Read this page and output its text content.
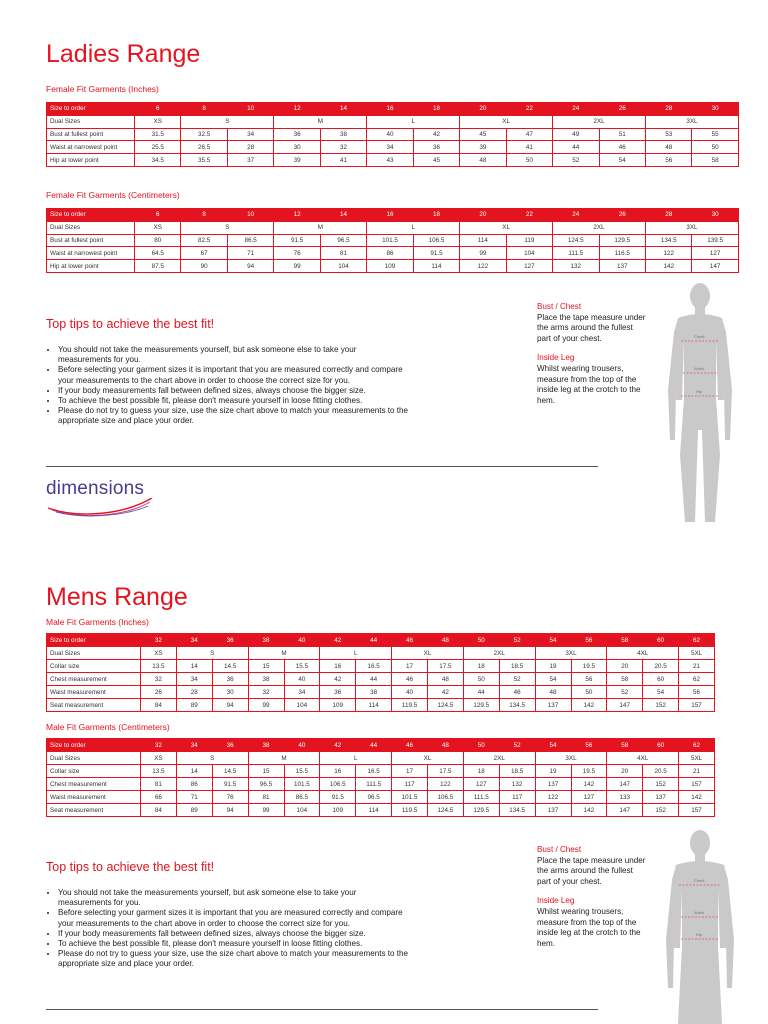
Ladies Range
Female Fit Garments (Inches)
Size to order	6	8	10	12	14	16	18	20	22	24	26	28	30
Dual Sizes	XS	S		M		L		XL		2XL		3XL	
Bust at fullest point	31.5	32.5	34	36	38	40	42	45	47	49	51	53	55
Waist at narrowest point	25.5	26.5	28	30	32	34	36	39	41	44	46	48	50
Hip at lower point	34.5	35.5	37	39	41	43	45	48	50	52	54	56	58
Female Fit Garments (Centimeters)
Size to order	6	8	10	12	14	16	18	20	22	24	26	28	30
Dual Sizes	XS	S		M		L		XL		2XL		3XL	
Bust at fullest point	80	82.5	86.5	91.5	96.5	101.5	106.5	114	119	124.5	129.5	134.5	139.5
Waist at narrowest point	64.5	67	71	76	81	86	91.5	99	104	111.5	116.5	122	127
Hip at lower point	87.5	90	94	99	104	109	114	122	127	132	137	142	147
Top tips to achieve the best fit!
• You should not take the measurements yourself, but ask someone else to take your measurements for you.
• Before selecting your garment sizes it is important that you are measured correctly and compare your measurements to the chart above in order to choose the correct size for you.
• If your body measurements fall between defined sizes, always choose the bigger size.
• To achieve the best possible fit, please don't measure yourself in loose fitting clothes.
• Please do not try to guess your size, use the size chart above to match your measurements to the appropriate size and place your order.
dimensions
Bust / Chest
Place the tape measure under the arms around the fullest part of your chest.
Inside Leg
Whilst wearing trousers, measure from the top of the inside leg at the crotch to the hem.
Chest
Waist
Hip
Mens Range
Male Fit Garments (Inches)
Size to order	32	34	36	38	40	42	44	46	48	50	52	54	56	58	60	62
Dual Sizes	XS	S		M		L		XL		2XL		3XL		4XL		5XL
Collar size	13.5	14	14.5	15	15.5	16	16.5	17	17.5	18	18.5	19	19.5	20	20.5	21
Chest measurement	32	34	36	38	40	42	44	46	48	50	52	54	56	58	60	62
Waist measurement	26	28	30	32	34	36	38	40	42	44	46	48	50	52	54	56
Seat measurement	84	89	94	99	104	109	114	119.5	124.5	129.5	134.5	137	142	147	152	157
Male Fit Garments (Centimeters)
Size to order	32	34	36	38	40	42	44	46	48	50	52	54	56	58	60	62
Dual Sizes	XS	S		M		L		XL		2XL		3XL		4XL		5XL
Collar size	13.5	14	14.5	15	15.5	16	16.5	17	17.5	18	18.5	19	19.5	20	20.5	21
Chest measurement	81	86	91.5	96.5	101.5	106.5	111.5	117	122	127	132	137	142	147	152	157
Waist measurement	66	71	76	81	86.5	91.5	96.5	101.5	106.5	111.5	117	122	127	133	137	142
Seat measurement	84	89	94	99	104	109	114	119.5	124.5	129.5	134.5	137	142	147	152	157
Top tips to achieve the best fit!
• You should not take the measurements yourself, but ask someone else to take your measurements for you.
• Before selecting your garment sizes it is important that you are measured correctly and compare your measurements to the chart above in order to choose the correct size for you.
• If your body measurements fall between defined sizes, always choose the bigger size.
• To achieve the best possible fit, please don't measure yourself in loose fitting clothes.
• Please do not try to guess your size, use the size chart above to match your measurements to the appropriate size and place your order.
Bust / Chest
Place the tape measure under the arms around the fullest part of your chest.
Inside Leg
Whilst wearing trousers, measure from the top of the inside leg at the crotch to the hem.
Chest
Waist
Hip
